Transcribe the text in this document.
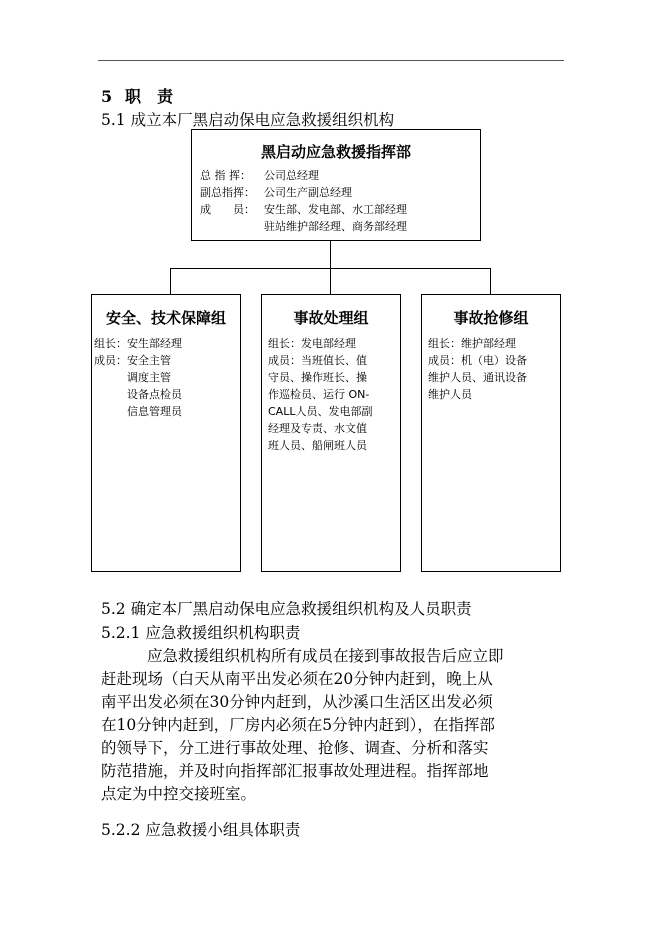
5 职　责
5.1 成立本厂黑启动保电应急救援组织机构
黑启动应急救援指挥部
总 指 挥：	公司总经理
副总指挥： 公司生产副总经理
成　　员： 安生部、发电部、水工部经理
驻站维护部经理、商务部经理
安全、技术保障组
组长： 安生部经理
成员： 安全主管
调度主管
设备点检员
信息管理员
事故处理组
组长： 发电部经理
成员：当班值长、值
守员、操作班长、操
作巡检员、运行 ON-
CALL人员、发电部副
经理及专责、水文值
班人员、船闸班人员
事故抢修组
组长： 维护部经理
成员：机（电）设备
维护人员、通讯设备
维护人员
5.2 确定本厂黑启动保电应急救援组织机构及人员职责
5.2.1 应急救援组织机构职责
应急救援组织机构所有成员在接到事故报告后应立即
赶赴现场（白天从南平出发必须在20分钟内赶到，晚上从
南平出发必须在30分钟内赶到，从沙溪口生活区出发必须
在10分钟内赶到，厂房内必须在5分钟内赶到），在指挥部
的领导下，分工进行事故处理、抢修、调查、分析和落实
防范措施，并及时向指挥部汇报事故处理进程。指挥部地
点定为中控交接班室。
5.2.2 应急救援小组具体职责
